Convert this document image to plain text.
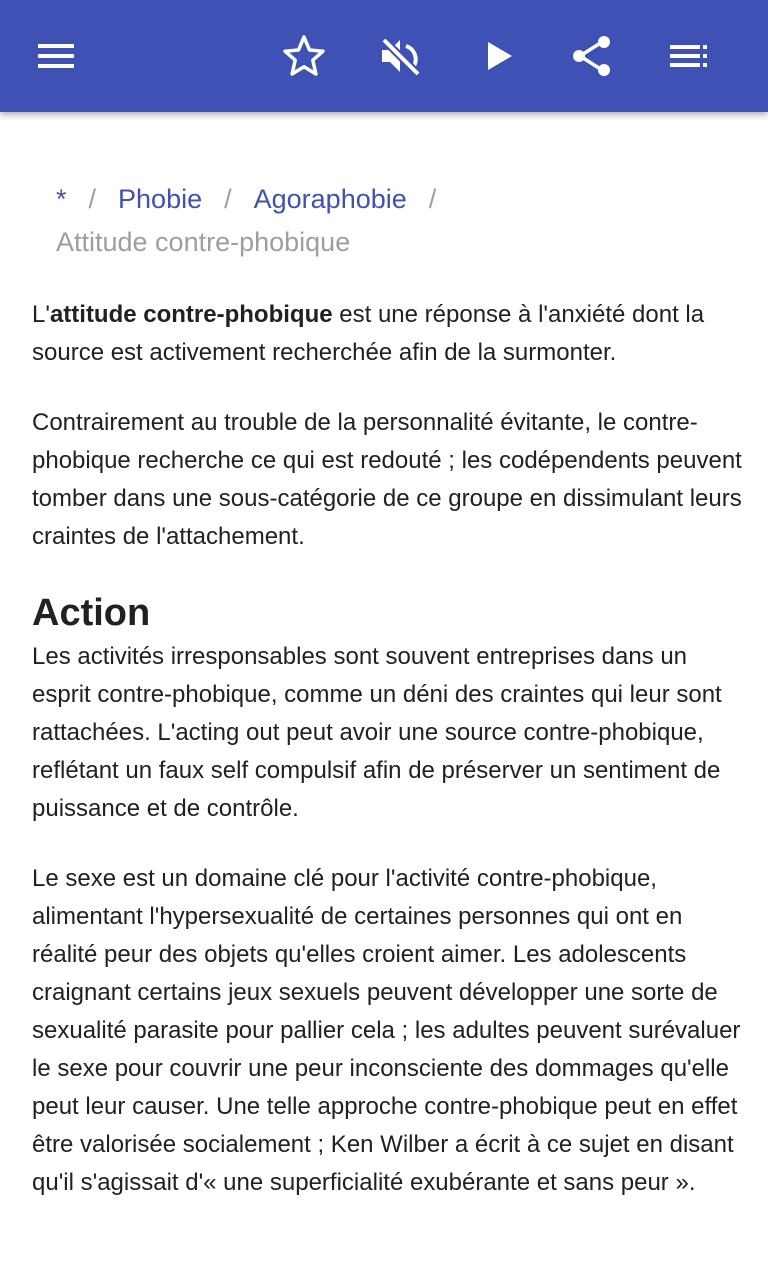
* / Phobie / Agoraphobie /
Attitude contre-phobique

L'attitude contre-phobique est une réponse à l'anxiété dont la source est activement recherchée afin de la surmonter.

Contrairement au trouble de la personnalité évitante, le contre-phobique recherche ce qui est redouté ; les codépendents peuvent tomber dans une sous-catégorie de ce groupe en dissimulant leurs craintes de l'attachement.

Action

Les activités irresponsables sont souvent entreprises dans un esprit contre-phobique, comme un déni des craintes qui leur sont rattachées. L'acting out peut avoir une source contre-phobique, reflétant un faux self compulsif afin de préserver un sentiment de puissance et de contrôle.

Le sexe est un domaine clé pour l'activité contre-phobique, alimentant l'hypersexualité de certaines personnes qui ont en réalité peur des objets qu'elles croient aimer. Les adolescents craignant certains jeux sexuels peuvent développer une sorte de sexualité parasite pour pallier cela ; les adultes peuvent surévaluer le sexe pour couvrir une peur inconsciente des dommages qu'elle peut leur causer. Une telle approche contre-phobique peut en effet être valorisée socialement ; Ken Wilber a écrit à ce sujet en disant qu'il s'agissait d'« une superficialité exubérante et sans peur ».
